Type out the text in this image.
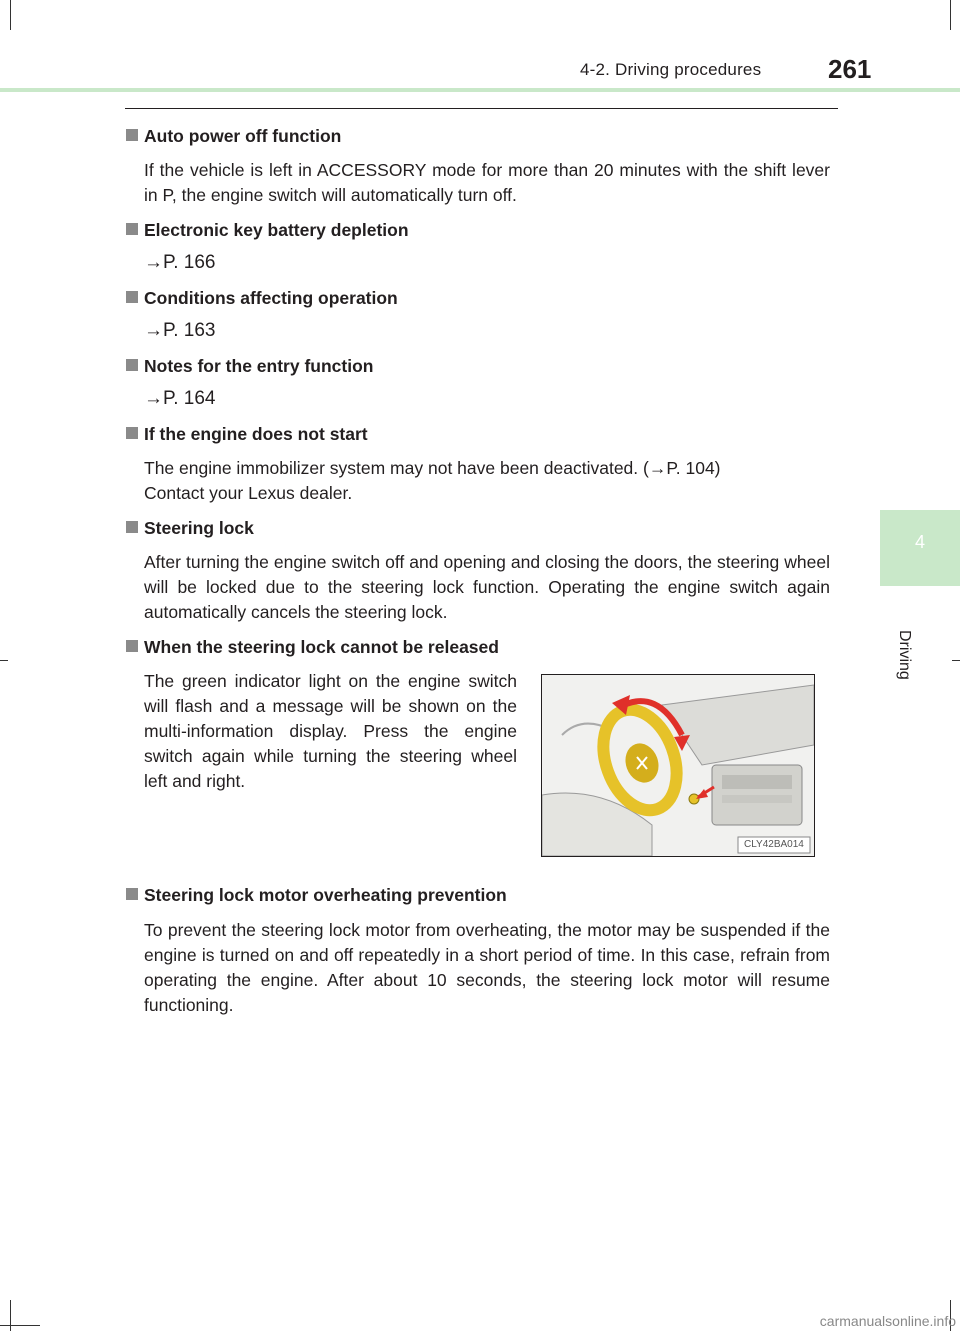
4-2. Driving procedures	261
4
Driving
Auto power off function
If the vehicle is left in ACCESSORY mode for more than 20 minutes with the shift lever in P, the engine switch will automatically turn off.
Electronic key battery depletion
→P. 166
Conditions affecting operation
→P. 163
Notes for the entry function
→P. 164
If the engine does not start
The engine immobilizer system may not have been deactivated. (→P. 104)
Contact your Lexus dealer.
Steering lock
After turning the engine switch off and opening and closing the doors, the steering wheel will be locked due to the steering lock function. Operating the engine switch again automatically cancels the steering lock.
When the steering lock cannot be released
The green indicator light on the engine switch will flash and a message will be shown on the multi-information display. Press the engine switch again while turning the steering wheel left and right.
CLY42BA014
Steering lock motor overheating prevention
To prevent the steering lock motor from overheating, the motor may be suspended if the engine is turned on and off repeatedly in a short period of time. In this case, refrain from operating the engine. After about 10 seconds, the steering lock motor will resume functioning.
carmanualsonline.info
